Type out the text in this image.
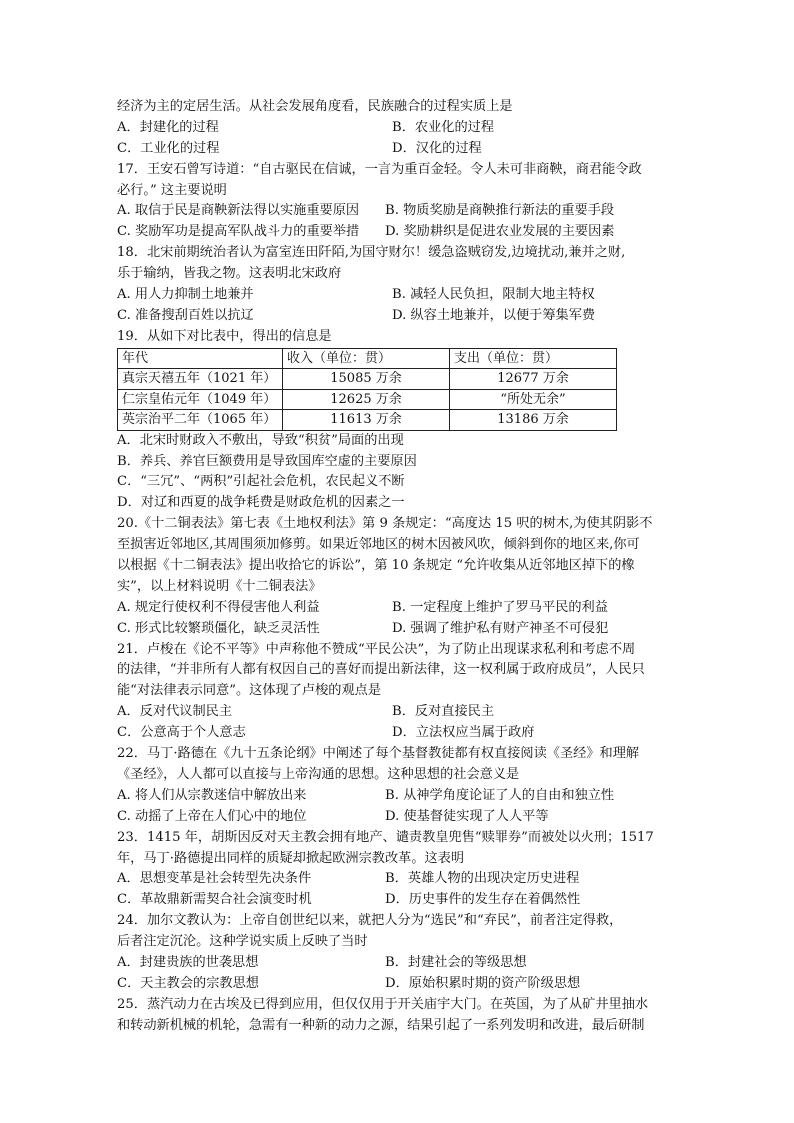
经济为主的定居生活。从社会发展角度看，民族融合的过程实质上是
A．封建化的过程	B．农业化的过程
C．工业化的过程	D．汉化的过程
17．王安石曾写诗道：“自古驱民在信诚，一言为重百金轻。令人未可非商鞅，商君能令政
必行。” 这主要说明
A. 取信于民是商鞅新法得以实施重要原因	B. 物质奖励是商鞅推行新法的重要手段
C. 奖励军功是提高军队战斗力的重要举措	D. 奖励耕织是促进农业发展的主要因素
18．北宋前期统治者认为富室连田阡陌,为国守财尔！缓急盗贼窃发,边境扰动,兼并之财,
乐于输纳，皆我之物。这表明北宋政府
A. 用人力抑制土地兼并	B. 减轻人民负担，限制大地主特权
C. 准备搜刮百姓以抗辽	D. 纵容土地兼并，以便于筹集军费
19．从如下对比表中，得出的信息是
年代	收入（单位：贯）	支出（单位：贯）
真宗天禧五年（1021 年）	15085 万余	12677 万余
仁宗皇佑元年（1049 年）	12625 万余	“所处无余”
英宗治平二年（1065 年）	11613 万余	13186 万余
A．北宋时财政入不敷出，导致“积贫”局面的出现
B．养兵、养官巨额费用是导致国库空虚的主要原因
C．“三冗”、“两积”引起社会危机，农民起义不断
D．对辽和西夏的战争耗费是财政危机的因素之一
20.《十二铜表法》第七表《土地权利法》第 9 条规定：“高度达 15 呎的树木,为使其阴影不
至损害近邻地区,其周围须加修剪。如果近邻地区的树木因被风吹，倾斜到你的地区来,你可
以根据《十二铜表法》提出收拾它的诉讼”，第 10 条规定 “允许收集从近邻地区掉下的橡
实”，以上材料说明《十二铜表法》
A. 规定行使权利不得侵害他人利益	B. 一定程度上维护了罗马平民的利益
C. 形式比较繁琐僵化，缺乏灵活性	D. 强调了维护私有财产神圣不可侵犯
21．卢梭在《论不平等》中声称他不赞成“平民公决”，为了防止出现谋求私利和考虑不周
的法律，“并非所有人都有权因自己的喜好而提出新法律，这一权利属于政府成员”，人民只
能“对法律表示同意”。这体现了卢梭的观点是
A．反对代议制民主	B．反对直接民主
C．公意高于个人意志	D．立法权应当属于政府
22．马丁·路德在《九十五条论纲》中阐述了每个基督教徒都有权直接阅读《圣经》和理解
《圣经》，人人都可以直接与上帝沟通的思想。这种思想的社会意义是
A. 将人们从宗教迷信中解放出来	B. 从神学角度论证了人的自由和独立性
C. 动摇了上帝在人们心中的地位	D. 使基督徒实现了人人平等
23．1415 年，胡斯因反对天主教会拥有地产、谴责教皇兜售“赎罪券”而被处以火刑；1517
年，马丁·路德提出同样的质疑却掀起欧洲宗教改革。这表明
A．思想变革是社会转型先决条件	B．英雄人物的出现决定历史进程
C．革故鼎新需契合社会演变时机	D．历史事件的发生存在着偶然性
24．加尔文教认为：上帝自创世纪以来，就把人分为“选民”和“弃民”，前者注定得救，
后者注定沉沦。这种学说实质上反映了当时
A．封建贵族的世袭思想	B．封建社会的等级思想
C．天主教会的宗教思想	D．原始积累时期的资产阶级思想
25．蒸汽动力在古埃及已得到应用，但仅仅用于开关庙宇大门。在英国，为了从矿井里抽水
和转动新机械的机轮，急需有一种新的动力之源，结果引起了一系列发明和改进，最后研制
